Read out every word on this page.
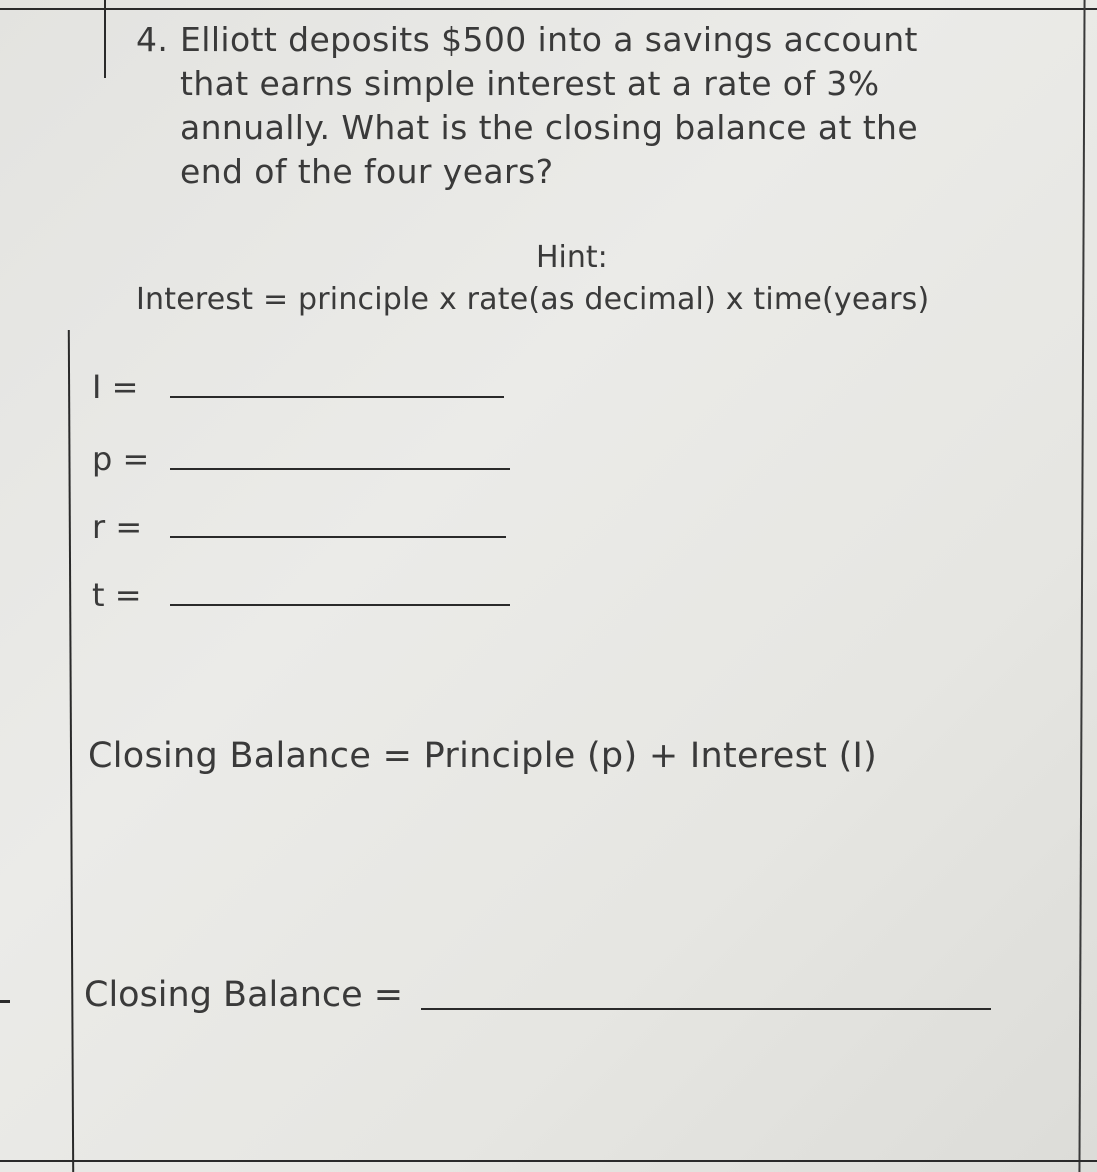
4. Elliott deposits $500 into a savings account
that earns simple interest at a rate of 3%
annually. What is the closing balance at the
end of the four years?
Hint:
Interest = principle x rate(as decimal) x time(years)
I =
p =
r =
t =
Closing Balance = Principle (p) + Interest (I)
Closing Balance =
